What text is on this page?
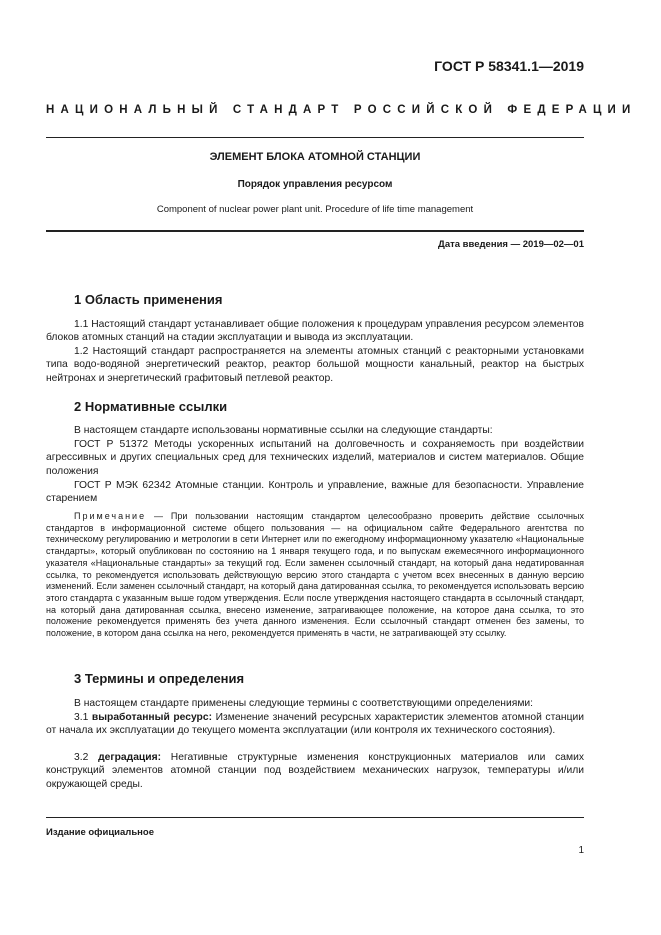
ГОСТ Р 58341.1—2019
НАЦИОНАЛЬНЫЙ СТАНДАРТ РОССИЙСКОЙ ФЕДЕРАЦИИ
ЭЛЕМЕНТ БЛОКА АТОМНОЙ СТАНЦИИ
Порядок управления ресурсом
Component of nuclear power plant unit. Procedure of life time management
Дата введения — 2019—02—01
1 Область применения
1.1 Настоящий стандарт устанавливает общие положения к процедурам управления ресурсом элементов блоков атомных станций на стадии эксплуатации и вывода из эксплуатации.
1.2 Настоящий стандарт распространяется на элементы атомных станций с реакторными установками типа водо-водяной энергетический реактор, реактор большой мощности канальный, реактор на быстрых нейтронах и энергетический графитовый петлевой реактор.
2 Нормативные ссылки
В настоящем стандарте использованы нормативные ссылки на следующие стандарты:
ГОСТ Р 51372 Методы ускоренных испытаний на долговечность и сохраняемость при воздействии агрессивных и других специальных сред для технических изделий, материалов и систем материалов. Общие положения
ГОСТ Р МЭК 62342 Атомные станции. Контроль и управление, важные для безопасности. Управление старением
Примечание — При пользовании настоящим стандартом целесообразно проверить действие ссылочных стандартов в информационной системе общего пользования — на официальном сайте Федерального агентства по техническому регулированию и метрологии в сети Интернет или по ежегодному информационному указателю «Национальные стандарты», который опубликован по состоянию на 1 января текущего года, и по выпускам ежемесячного информационного указателя «Национальные стандарты» за текущий год. Если заменен ссылочный стандарт, на который дана недатированная ссылка, то рекомендуется использовать действующую версию этого стандарта с учетом всех внесенных в данную версию изменений. Если заменен ссылочный стандарт, на который дана датированная ссылка, то рекомендуется использовать версию этого стандарта с указанным выше годом утверждения. Если после утверждения настоящего стандарта в ссылочный стандарт, на который дана датированная ссылка, внесено изменение, затрагивающее положение, на которое дана ссылка, то это положение рекомендуется применять без учета данного изменения. Если ссылочный стандарт отменен без замены, то положение, в котором дана ссылка на него, рекомендуется применять в части, не затрагивающей эту ссылку.
3 Термины и определения
В настоящем стандарте применены следующие термины с соответствующими определениями:
3.1 выработанный ресурс: Изменение значений ресурсных характеристик элементов атомной станции от начала их эксплуатации до текущего момента эксплуатации (или контроля их технического состояния).
3.2 деградация: Негативные структурные изменения конструкционных материалов или самих конструкций элементов атомной станции под воздействием механических нагрузок, температуры и/или окружающей среды.
Издание официальное
1
